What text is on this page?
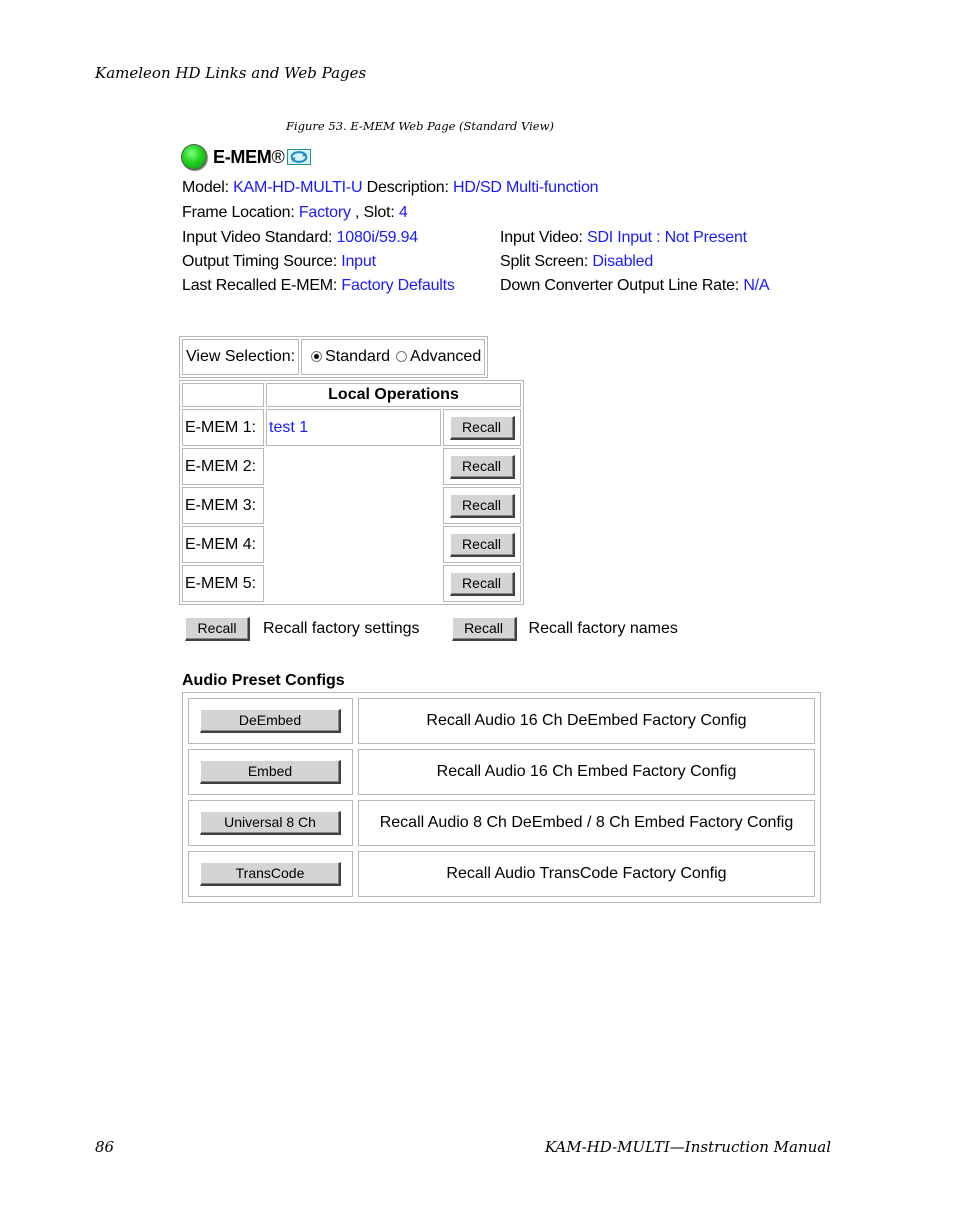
Kameleon HD Links and Web Pages
Figure 53. E-MEM Web Page (Standard View)
E-MEM®
Model: KAM-HD-MULTI-U Description: HD/SD Multi-function
Frame Location: Factory , Slot: 4
Input Video Standard: 1080i/59.94	Input Video: SDI Input : Not Present
Output Timing Source: Input	Split Screen: Disabled
Last Recalled E-MEM: Factory Defaults	Down Converter Output Line Rate: N/A
View Selection:	Standard Advanced
	Local Operations	
E-MEM 1:	test 1	Recall
E-MEM 2:		Recall
E-MEM 3:		Recall
E-MEM 4:		Recall
E-MEM 5:		Recall
Recall	Recall factory settings	Recall	Recall factory names
Audio Preset Configs
DeEmbed	Recall Audio 16 Ch DeEmbed Factory Config
Embed	Recall Audio 16 Ch Embed Factory Config
Universal 8 Ch	Recall Audio 8 Ch DeEmbed / 8 Ch Embed Factory Config
TransCode	Recall Audio TransCode Factory Config
86	KAM-HD-MULTI—Instruction Manual
